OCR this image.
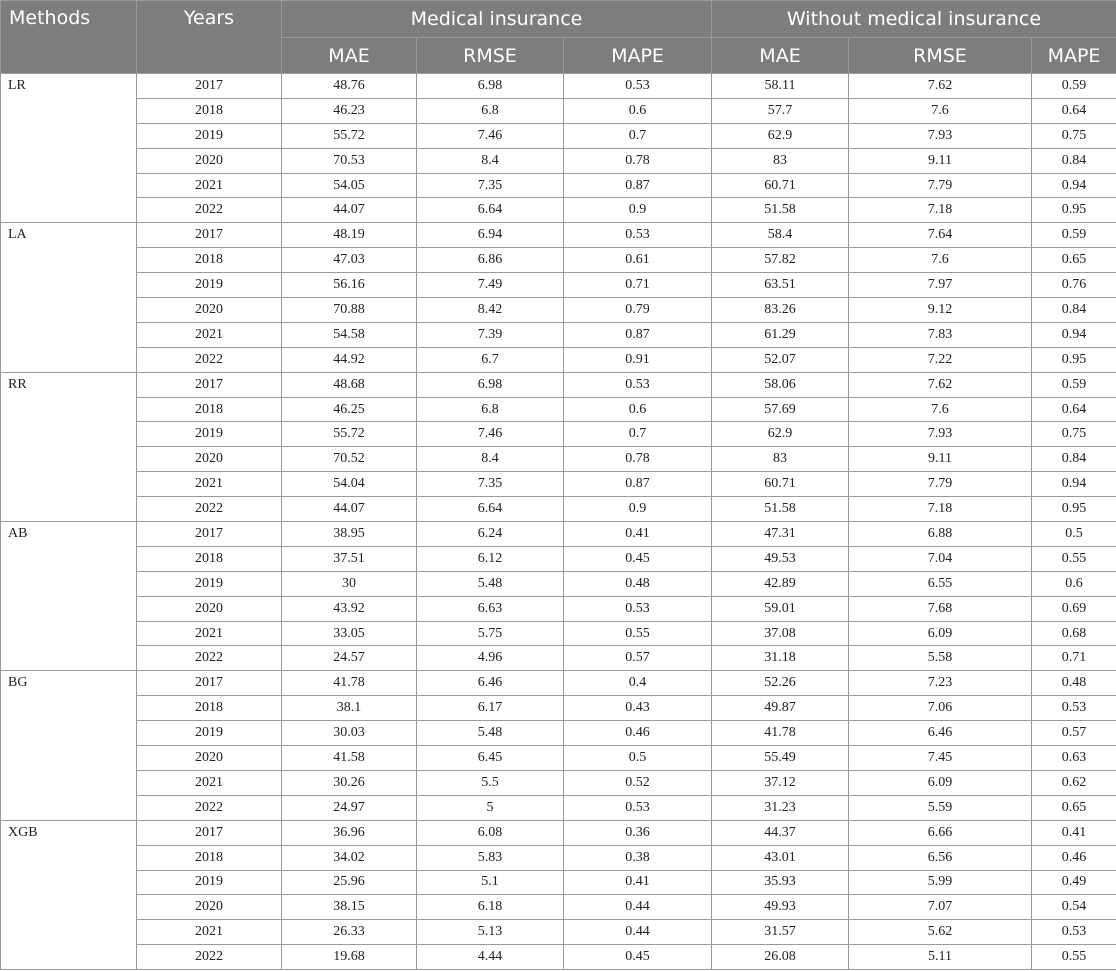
Methods	Years	Medical insurance			Without medical insurance		
		MAE	RMSE	MAPE	MAE	RMSE	MAPE
LR	2017	48.76	6.98	0.53	58.11	7.62	0.59
	2018	46.23	6.8	0.6	57.7	7.6	0.64
	2019	55.72	7.46	0.7	62.9	7.93	0.75
	2020	70.53	8.4	0.78	83	9.11	0.84
	2021	54.05	7.35	0.87	60.71	7.79	0.94
	2022	44.07	6.64	0.9	51.58	7.18	0.95
LA	2017	48.19	6.94	0.53	58.4	7.64	0.59
	2018	47.03	6.86	0.61	57.82	7.6	0.65
	2019	56.16	7.49	0.71	63.51	7.97	0.76
	2020	70.88	8.42	0.79	83.26	9.12	0.84
	2021	54.58	7.39	0.87	61.29	7.83	0.94
	2022	44.92	6.7	0.91	52.07	7.22	0.95
RR	2017	48.68	6.98	0.53	58.06	7.62	0.59
	2018	46.25	6.8	0.6	57.69	7.6	0.64
	2019	55.72	7.46	0.7	62.9	7.93	0.75
	2020	70.52	8.4	0.78	83	9.11	0.84
	2021	54.04	7.35	0.87	60.71	7.79	0.94
	2022	44.07	6.64	0.9	51.58	7.18	0.95
AB	2017	38.95	6.24	0.41	47.31	6.88	0.5
	2018	37.51	6.12	0.45	49.53	7.04	0.55
	2019	30	5.48	0.48	42.89	6.55	0.6
	2020	43.92	6.63	0.53	59.01	7.68	0.69
	2021	33.05	5.75	0.55	37.08	6.09	0.68
	2022	24.57	4.96	0.57	31.18	5.58	0.71
BG	2017	41.78	6.46	0.4	52.26	7.23	0.48
	2018	38.1	6.17	0.43	49.87	7.06	0.53
	2019	30.03	5.48	0.46	41.78	6.46	0.57
	2020	41.58	6.45	0.5	55.49	7.45	0.63
	2021	30.26	5.5	0.52	37.12	6.09	0.62
	2022	24.97	5	0.53	31.23	5.59	0.65
XGB	2017	36.96	6.08	0.36	44.37	6.66	0.41
	2018	34.02	5.83	0.38	43.01	6.56	0.46
	2019	25.96	5.1	0.41	35.93	5.99	0.49
	2020	38.15	6.18	0.44	49.93	7.07	0.54
	2021	26.33	5.13	0.44	31.57	5.62	0.53
	2022	19.68	4.44	0.45	26.08	5.11	0.55
